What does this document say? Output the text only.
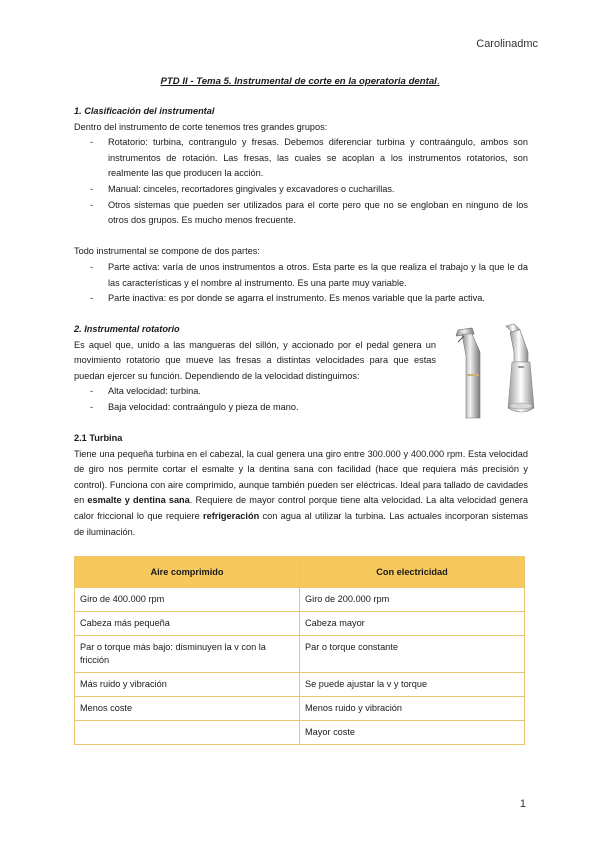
Carolinadmc
PTD II - Tema 5. Instrumental de corte en la operatoria dental.
1. Clasificación del instrumental
Dentro del instrumento de corte tenemos tres grandes grupos:
- Rotatorio: turbina, contrangulo y fresas. Debemos diferenciar turbina y contraángulo, ambos son instrumentos de rotación. Las fresas, las cuales se acoplan a los instrumentos rotatorios, son realmente las que producen la acción.
- Manual: cinceles, recortadores gingivales y excavadores o cucharillas.
- Otros sistemas que pueden ser utilizados para el corte pero que no se engloban en ninguno de los otros dos grupos. Es mucho menos frecuente.
Todo instrumental se compone de dos partes:
- Parte activa: varía de unos instrumentos a otros. Esta parte es la que realiza el trabajo y la que le da las características y el nombre al instrumento. Es una parte muy variable.
- Parte inactiva: es por donde se agarra el instrumento. Es menos variable que la parte activa.
2. Instrumental rotatorio
Es aquel que, unido a las mangueras del sillón, y accionado por el pedal genera un movimiento rotatorio que mueve las fresas a distintas velocidades para que estas puedan ejercer su función. Dependiendo de la velocidad distinguimos:
- Alta velocidad: turbina.
- Baja velocidad: contraángulo y pieza de mano.
2.1 Turbina
Tiene una pequeña turbina en el cabezal, la cual genera una giro entre 300.000 y 400.000 rpm. Esta velocidad de giro nos permite cortar el esmalte y la dentina sana con facilidad (hace que requiera más precisión y control). Funciona con aire comprimido, aunque también pueden ser eléctricas. Ideal para tallado de cavidades en esmalte y dentina sana. Requiere de mayor control porque tiene alta velocidad. La alta velocidad genera calor friccional lo que requiere refrigeración con agua al utilizar la turbina. Las actuales incorporan sistemas de iluminación.
Aire comprimido	Con electricidad
Giro de 400.000 rpm	Giro de 200.000 rpm
Cabeza más pequeña	Cabeza mayor
Par o torque más bajo: disminuyen la v con la fricción	Par o torque constante
Más ruido y vibración	Se puede ajustar la v y torque
Menos coste	Menos ruido y vibración
	Mayor coste
1
